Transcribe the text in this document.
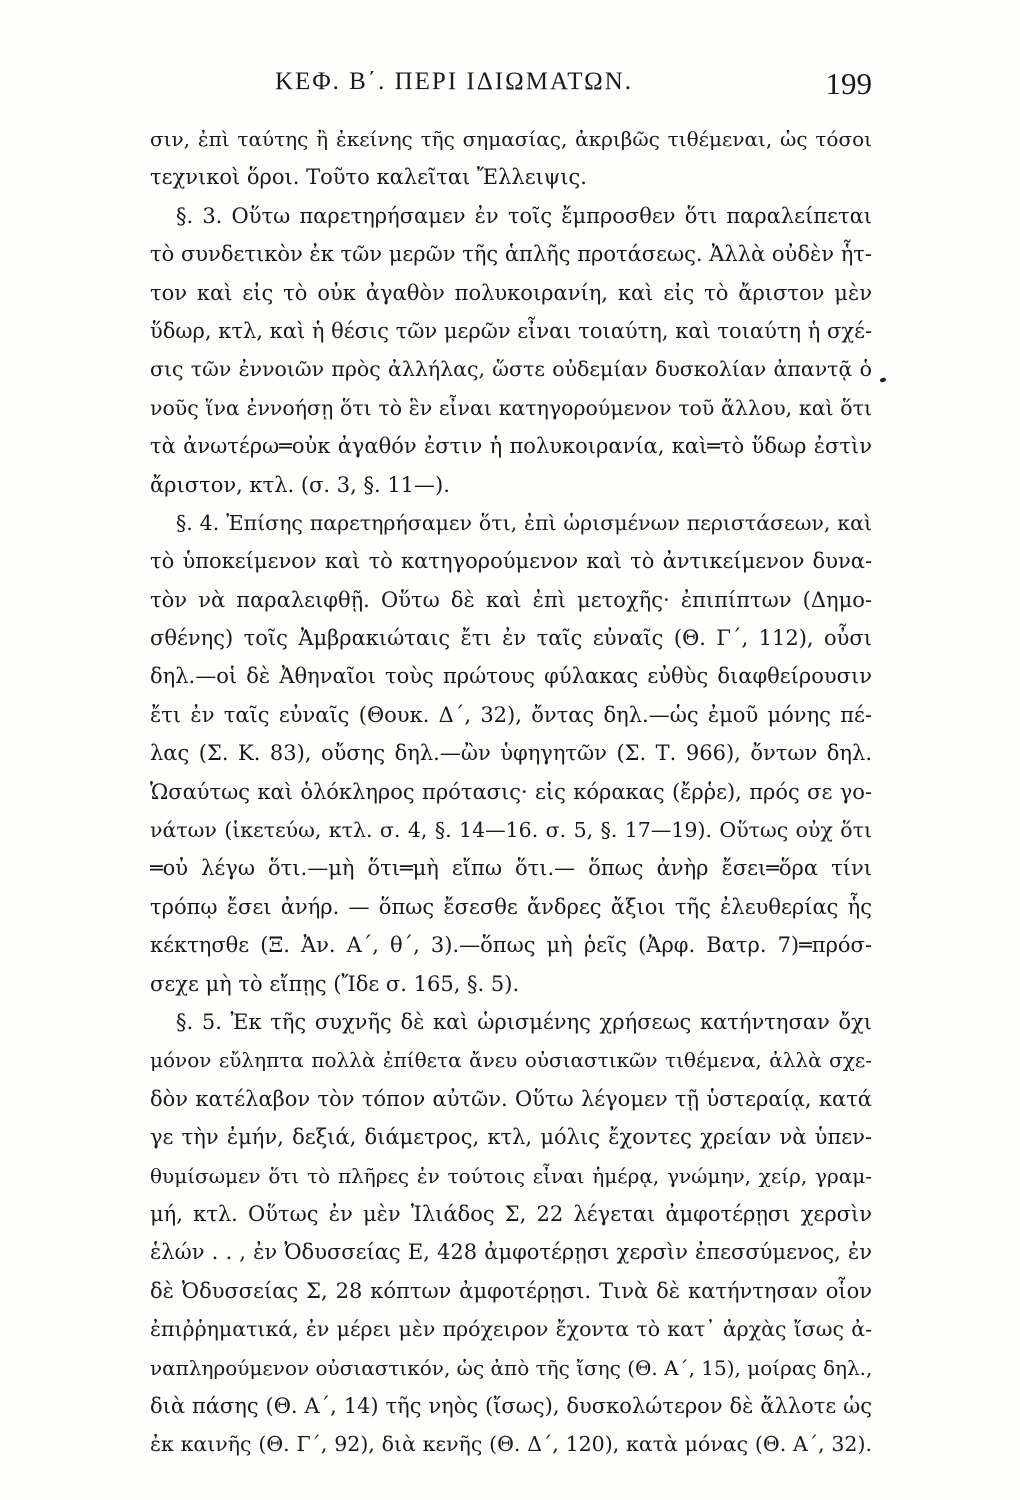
ΚΕΦ. Β΄. ΠΕΡΙ ΙΔΙΩΜΑΤΩΝ.	199
σιν, ἐπὶ ταύτης ἢ ἐκείνης τῆς σημασίας, ἀκριβῶς τιθέμεναι, ὡς τόσοι
τεχνικοὶ ὅροι. Τοῦτο καλεῖται Ἔλλειψις.
§. 3. Οὕτω παρετηρήσαμεν ἐν τοῖς ἔμπροσθεν ὅτι παραλείπεται
τὸ συνδετικὸν ἐκ τῶν μερῶν τῆς ἁπλῆς προτάσεως. Ἀλλὰ οὐδὲν ἧτ-
τον καὶ εἰς τὸ οὐκ ἀγαθὸν πολυκοιρανίη, καὶ εἰς τὸ ἄριστον μὲν
ὕδωρ, κτλ, καὶ ἡ θέσις τῶν μερῶν εἶναι τοιαύτη, καὶ τοιαύτη ἡ σχέ-
σις τῶν ἐννοιῶν πρὸς ἀλλήλας, ὥστε οὐδεμίαν δυσκολίαν ἀπαντᾷ ὁ
νοῦς ἵνα ἐννοήσῃ ὅτι τὸ ἓν εἶναι κατηγορούμενον τοῦ ἄλλου, καὶ ὅτι
τὰ ἀνωτέρω═οὐκ ἀγαθόν ἐστιν ἡ πολυκοιρανία, καὶ═τὸ ὕδωρ ἐστὶν
ἄριστον, κτλ. (σ. 3, §. 11—).
§. 4. Ἐπίσης παρετηρήσαμεν ὅτι, ἐπὶ ὡρισμένων περιστάσεων, καὶ
τὸ ὑποκείμενον καὶ τὸ κατηγορούμενον καὶ τὸ ἀντικείμενον δυνα-
τὸν νὰ παραλειφθῇ. Οὕτω δὲ καὶ ἐπὶ μετοχῆς· ἐπιπίπτων (Δημο-
σθένης) τοῖς Ἀμβρακιώταις ἔτι ἐν ταῖς εὐναῖς (Θ. Γ΄, 112), οὖσι
δηλ.—οἱ δὲ Ἀθηναῖοι τοὺς πρώτους φύλακας εὐθὺς διαφθείρουσιν
ἔτι ἐν ταῖς εὐναῖς (Θουκ. Δ΄, 32), ὄντας δηλ.—ὡς ἐμοῦ μόνης πέ-
λας (Σ. Κ. 83), οὔσης δηλ.—ὢν ὑφηγητῶν (Σ. Τ. 966), ὄντων δηλ.
Ὡσαύτως καὶ ὁλόκληρος πρότασις· εἰς κόρακας (ἔρῥε), πρός σε γο-
νάτων (ἱκετεύω, κτλ. σ. 4, §. 14—16. σ. 5, §. 17—19). Οὕτως οὐχ ὅτι
═οὐ λέγω ὅτι.—μὴ ὅτι═μὴ εἴπω ὅτι.— ὅπως ἀνὴρ ἔσει═ὅρα τίνι
τρόπῳ ἔσει ἀνήρ. — ὅπως ἔσεσθε ἄνδρες ἄξιοι τῆς ἐλευθερίας ἧς
κέκτησθε (Ξ. Ἀν. Α΄, θ΄, 3).—ὅπως μὴ ῥεῖς (Ἀρφ. Βατρ. 7)═πρόσ-
σεχε μὴ τὸ εἴπῃς (Ἴδε σ. 165, §. 5).
§. 5. Ἐκ τῆς συχνῆς δὲ καὶ ὡρισμένης χρήσεως κατήντησαν ὄχι
μόνον εὔληπτα πολλὰ ἐπίθετα ἄνευ οὐσιαστικῶν τιθέμενα, ἀλλὰ σχε-
δὸν κατέλαβον τὸν τόπον αὐτῶν. Οὕτω λέγομεν τῇ ὑστεραίᾳ, κατά
γε τὴν ἐμήν, δεξιά, διάμετρος, κτλ, μόλις ἔχοντες χρείαν νὰ ὑπεν-
θυμίσωμεν ὅτι τὸ πλῆρες ἐν τούτοις εἶναι ἡμέρᾳ, γνώμην, χείρ, γραμ-
μή, κτλ. Οὕτως ἐν μὲν Ἰλιάδος Σ, 22 λέγεται ἀμφοτέρῃσι χερσὶν
ἑλών . . , ἐν Ὀδυσσείας Ε, 428 ἀμφοτέρῃσι χερσὶν ἐπεσσύμενος, ἐν
δὲ Ὀδυσσείας Σ, 28 κόπτων ἀμφοτέρῃσι. Τινὰ δὲ κατήντησαν οἷον
ἐπιῤῥηματικά, ἐν μέρει μὲν πρόχειρον ἔχοντα τὸ κατ᾽ ἀρχὰς ἴσως ἀ-
ναπληρούμενον οὐσιαστικόν, ὡς ἀπὸ τῆς ἴσης (Θ. Α΄, 15), μοίρας δηλ.,
διὰ πάσης (Θ. Α΄, 14) τῆς νηὸς (ἴσως), δυσκολώτερον δὲ ἄλλοτε ὡς
ἐκ καινῆς (Θ. Γ΄, 92), διὰ κενῆς (Θ. Δ΄, 120), κατὰ μόνας (Θ. Α΄, 32).
